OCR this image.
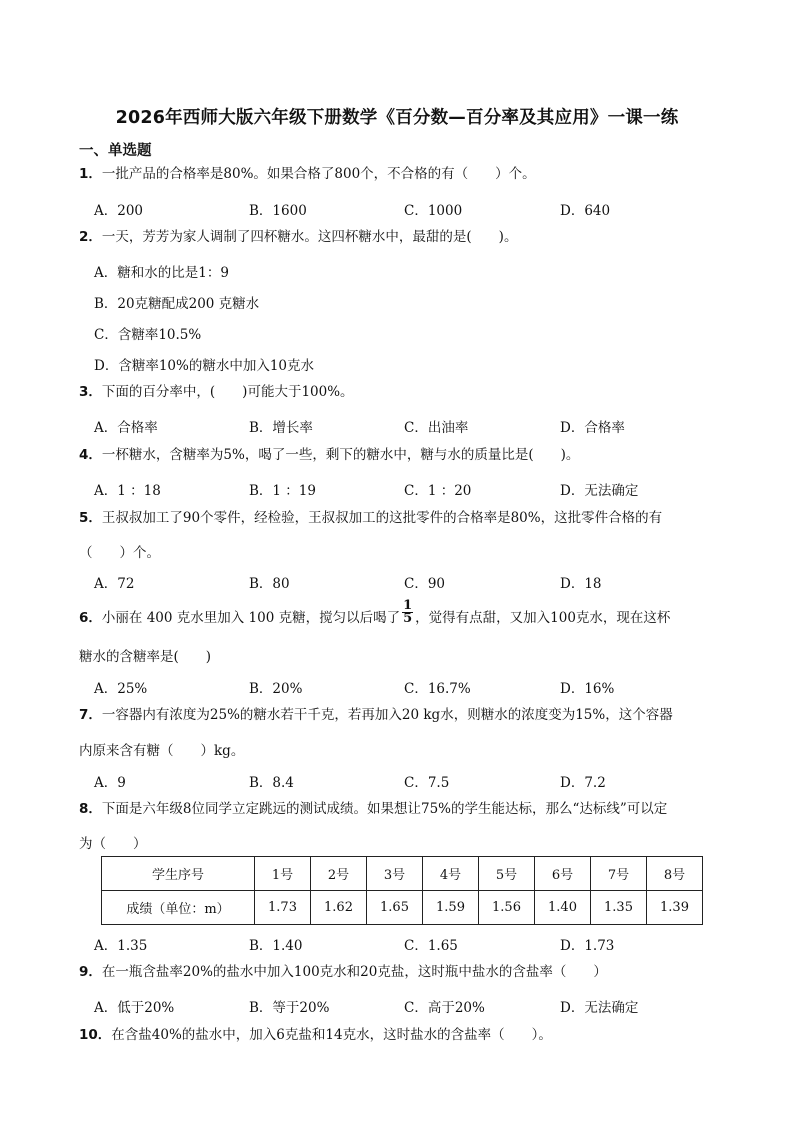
2026年西师大版六年级下册数学《百分数—百分率及其应用》一课一练
一、单选题
1．一批产品的合格率是80%。如果合格了800个，不合格的有（　　）个。
A．200	B．1600	C．1000	D．640
2．一天，芳芳为家人调制了四杯糖水。这四杯糖水中，最甜的是(　　)。
A．糖和水的比是1：9
B．20克糖配成200 克糖水
C．含糖率10.5%
D．含糖率10%的糖水中加入10克水
3．下面的百分率中，(　　)可能大于100%。
A．合格率	B．增长率	C．出油率	D．合格率
4．一杯糖水，含糖率为5%，喝了一些，剩下的糖水中，糖与水的质量比是(　　)。
A．1 ：18	B．1 ：19	C．1 ：20	D．无法确定
5．王叔叔加工了90个零件，经检验，王叔叔加工的这批零件的合格率是80%，这批零件合格的有
（　　）个。
A．72	B．80	C．90	D．18
6．小丽在 400 克水里加入 100 克糖，搅匀以后喝了 $\frac{1}{5}$ ，觉得有点甜，又加入100克水，现在这杯
糖水的含糖率是(　　)
A．25%	B．20%	C．16.7%	D．16%
7．一容器内有浓度为25%的糖水若干千克，若再加入20 kg水，则糖水的浓度变为15%，这个容器
内原来含有糖（　　）kg。
A．9	B．8.4	C．7.5	D．7.2
8．下面是六年级8位同学立定跳远的测试成绩。如果想让75%的学生能达标，那么“达标线”可以定
为（　　）
学生序号	1号	2号	3号	4号	5号	6号	7号	8号
成绩（单位：m）	1.73	1.62	1.65	1.59	1.56	1.40	1.35	1.39
A．1.35	B．1.40	C．1.65	D．1.73
9．在一瓶含盐率20%的盐水中加入100克水和20克盐，这时瓶中盐水的含盐率（　　）
A．低于20%	B．等于20%	C．高于20%	D．无法确定
10．在含盐40%的盐水中，加入6克盐和14克水，这时盐水的含盐率（　　）。
